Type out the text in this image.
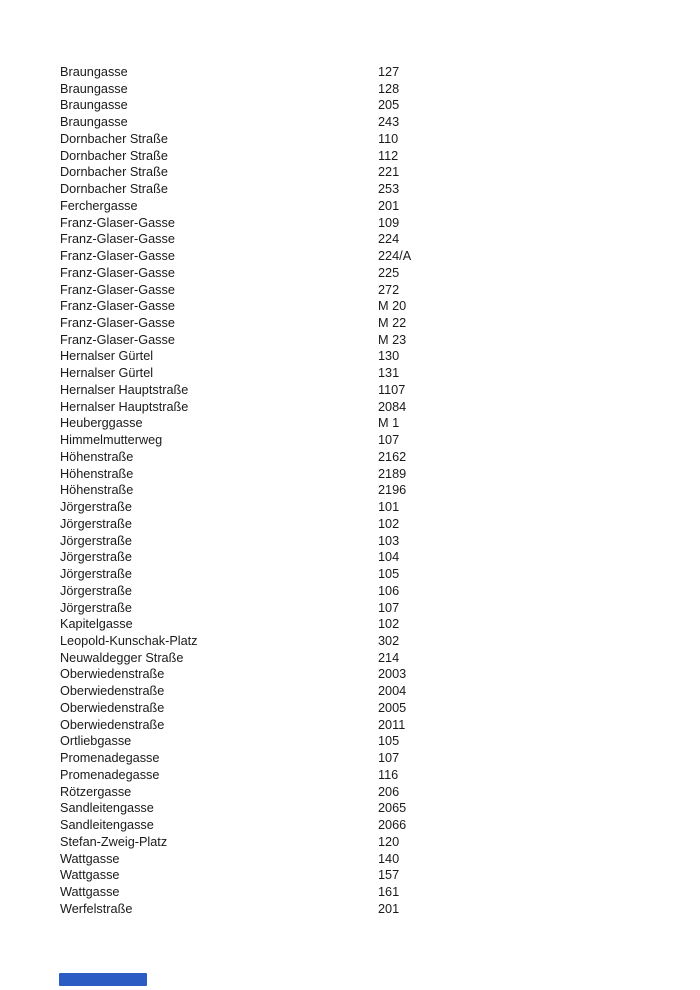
Braungasse	127
Braungasse	128
Braungasse	205
Braungasse	243
Dornbacher Straße	110
Dornbacher Straße	112
Dornbacher Straße	221
Dornbacher Straße	253
Ferchergasse	201
Franz-Glaser-Gasse	109
Franz-Glaser-Gasse	224
Franz-Glaser-Gasse	224/A
Franz-Glaser-Gasse	225
Franz-Glaser-Gasse	272
Franz-Glaser-Gasse	M 20
Franz-Glaser-Gasse	M 22
Franz-Glaser-Gasse	M 23
Hernalser Gürtel	130
Hernalser Gürtel	131
Hernalser Hauptstraße	1107
Hernalser Hauptstraße	2084
Heuberggasse	M 1
Himmelmutterweg	107
Höhenstraße	2162
Höhenstraße	2189
Höhenstraße	2196
Jörgerstraße	101
Jörgerstraße	102
Jörgerstraße	103
Jörgerstraße	104
Jörgerstraße	105
Jörgerstraße	106
Jörgerstraße	107
Kapitelgasse	102
Leopold-Kunschak-Platz	302
Neuwaldegger Straße	214
Oberwiedenstraße	2003
Oberwiedenstraße	2004
Oberwiedenstraße	2005
Oberwiedenstraße	2011
Ortliebgasse	105
Promenadegasse	107
Promenadegasse	116
Rötzergasse	206
Sandleitengasse	2065
Sandleitengasse	2066
Stefan-Zweig-Platz	120
Wattgasse	140
Wattgasse	157
Wattgasse	161
Werfelstraße	201
